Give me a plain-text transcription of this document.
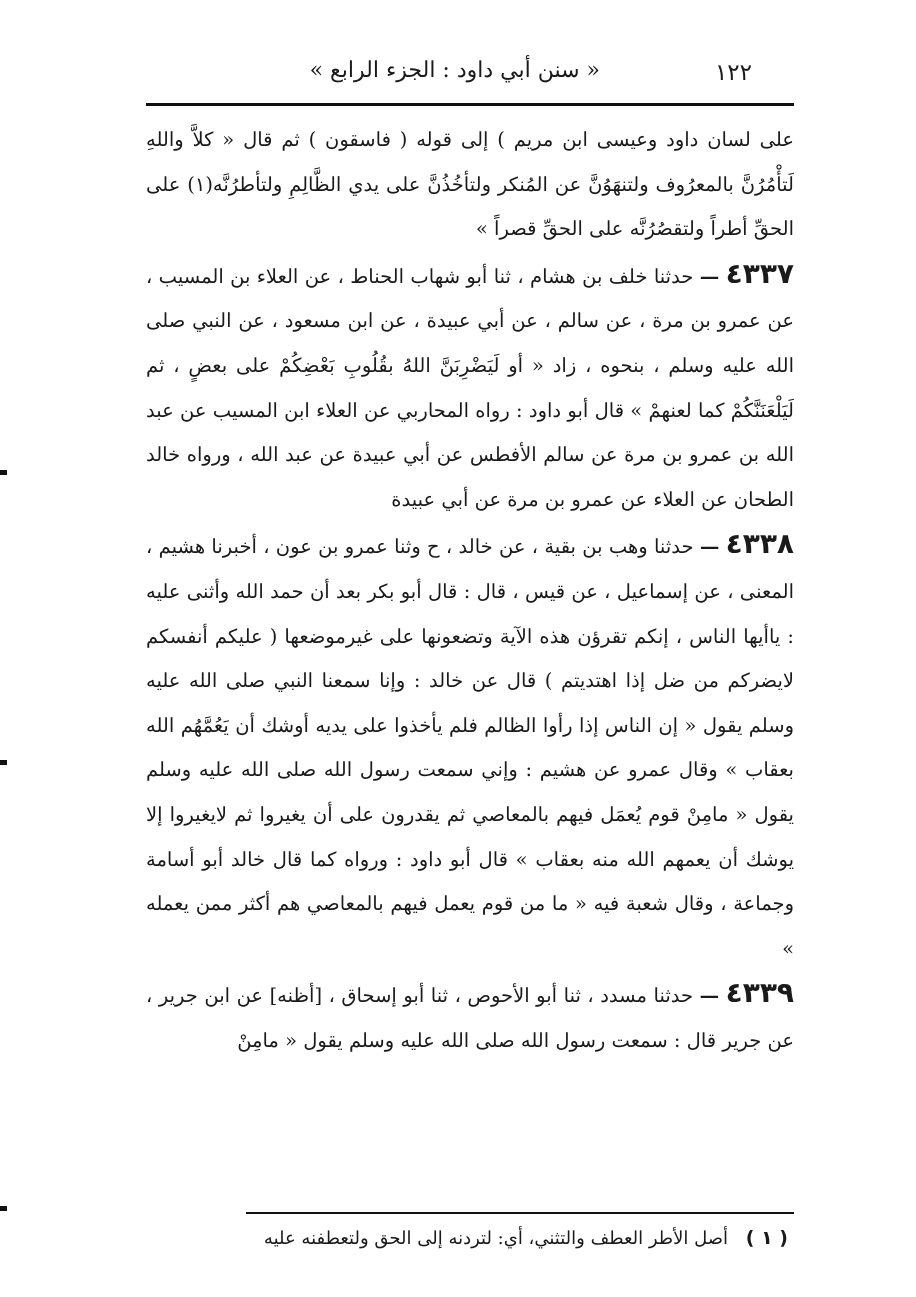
١٢٢
« سنن أبي داود : الجزء الرابع »

على لسان داود وعيسى ابن مريم ) إلى قوله ( فاسقون ) ثم قال « كلاَّ واللهِ لَتأْمُرُنَّ بالمعرُوف ولتنهَوُنَّ عن المُنكر ولتأخُذُنَّ على يدي الظَّالِمِ ولتأطرُنَّه(١) على الحقِّ أطراً ولتقصُرُنَّه على الحقِّ قصراً »

٤٣٣٧ — حدثنا خلف بن هشام ، ثنا أبو شهاب الحناط ، عن العلاء بن المسيب ، عن عمرو بن مرة ، عن سالم ، عن أبي عبيدة ، عن ابن مسعود ، عن النبي صلى الله عليه وسلم ، بنحوه ، زاد « أو لَيَضْرِبَنَّ اللهُ بقُلُوبِ بَعْضِكُمْ على بعضٍ ، ثم لَيَلْعَنَنَّكُمْ كما لعنهمْ » قال أبو داود : رواه المحاربي عن العلاء ابن المسيب عن عبد الله بن عمرو بن مرة عن سالم الأفطس عن أبي عبيدة عن عبد الله ، ورواه خالد الطحان عن العلاء عن عمرو بن مرة عن أبي عبيدة

٤٣٣٨ — حدثنا وهب بن بقية ، عن خالد ، ح وثنا عمرو بن عون ، أخبرنا هشيم ، المعنى ، عن إسماعيل ، عن قيس ، قال : قال أبو بكر بعد أن حمد الله وأثنى عليه : ياأيها الناس ، إنكم تقرؤن هذه الآية وتضعونها على غيرموضعها ( عليكم أنفسكم لايضركم من ضل إذا اهتديتم ) قال عن خالد : وإنا سمعنا النبي صلى الله عليه وسلم يقول « إن الناس إذا رأوا الظالم فلم يأخذوا على يديه أوشك أن يَعُمَّهُم الله بعقاب » وقال عمرو عن هشيم : وإني سمعت رسول الله صلى الله عليه وسلم يقول « مامِنْ قوم يُعمَل فيهم بالمعاصي ثم يقدرون على أن يغيروا ثم لايغيروا إلا يوشك أن يعمهم الله منه بعقاب » قال أبو داود : ورواه كما قال خالد أبو أسامة وجماعة ، وقال شعبة فيه « ما من قوم يعمل فيهم بالمعاصي هم أكثر ممن يعمله »

٤٣٣٩ — حدثنا مسدد ، ثنا أبو الأحوص ، ثنا أبو إسحاق ، [أظنه] عن ابن جرير ، عن جرير قال : سمعت رسول الله صلى الله عليه وسلم يقول « مامِنْ

( ١ ) أصل الأطر العطف والتثني، أي: لتردنه إلى الحق ولتعطفنه عليه
